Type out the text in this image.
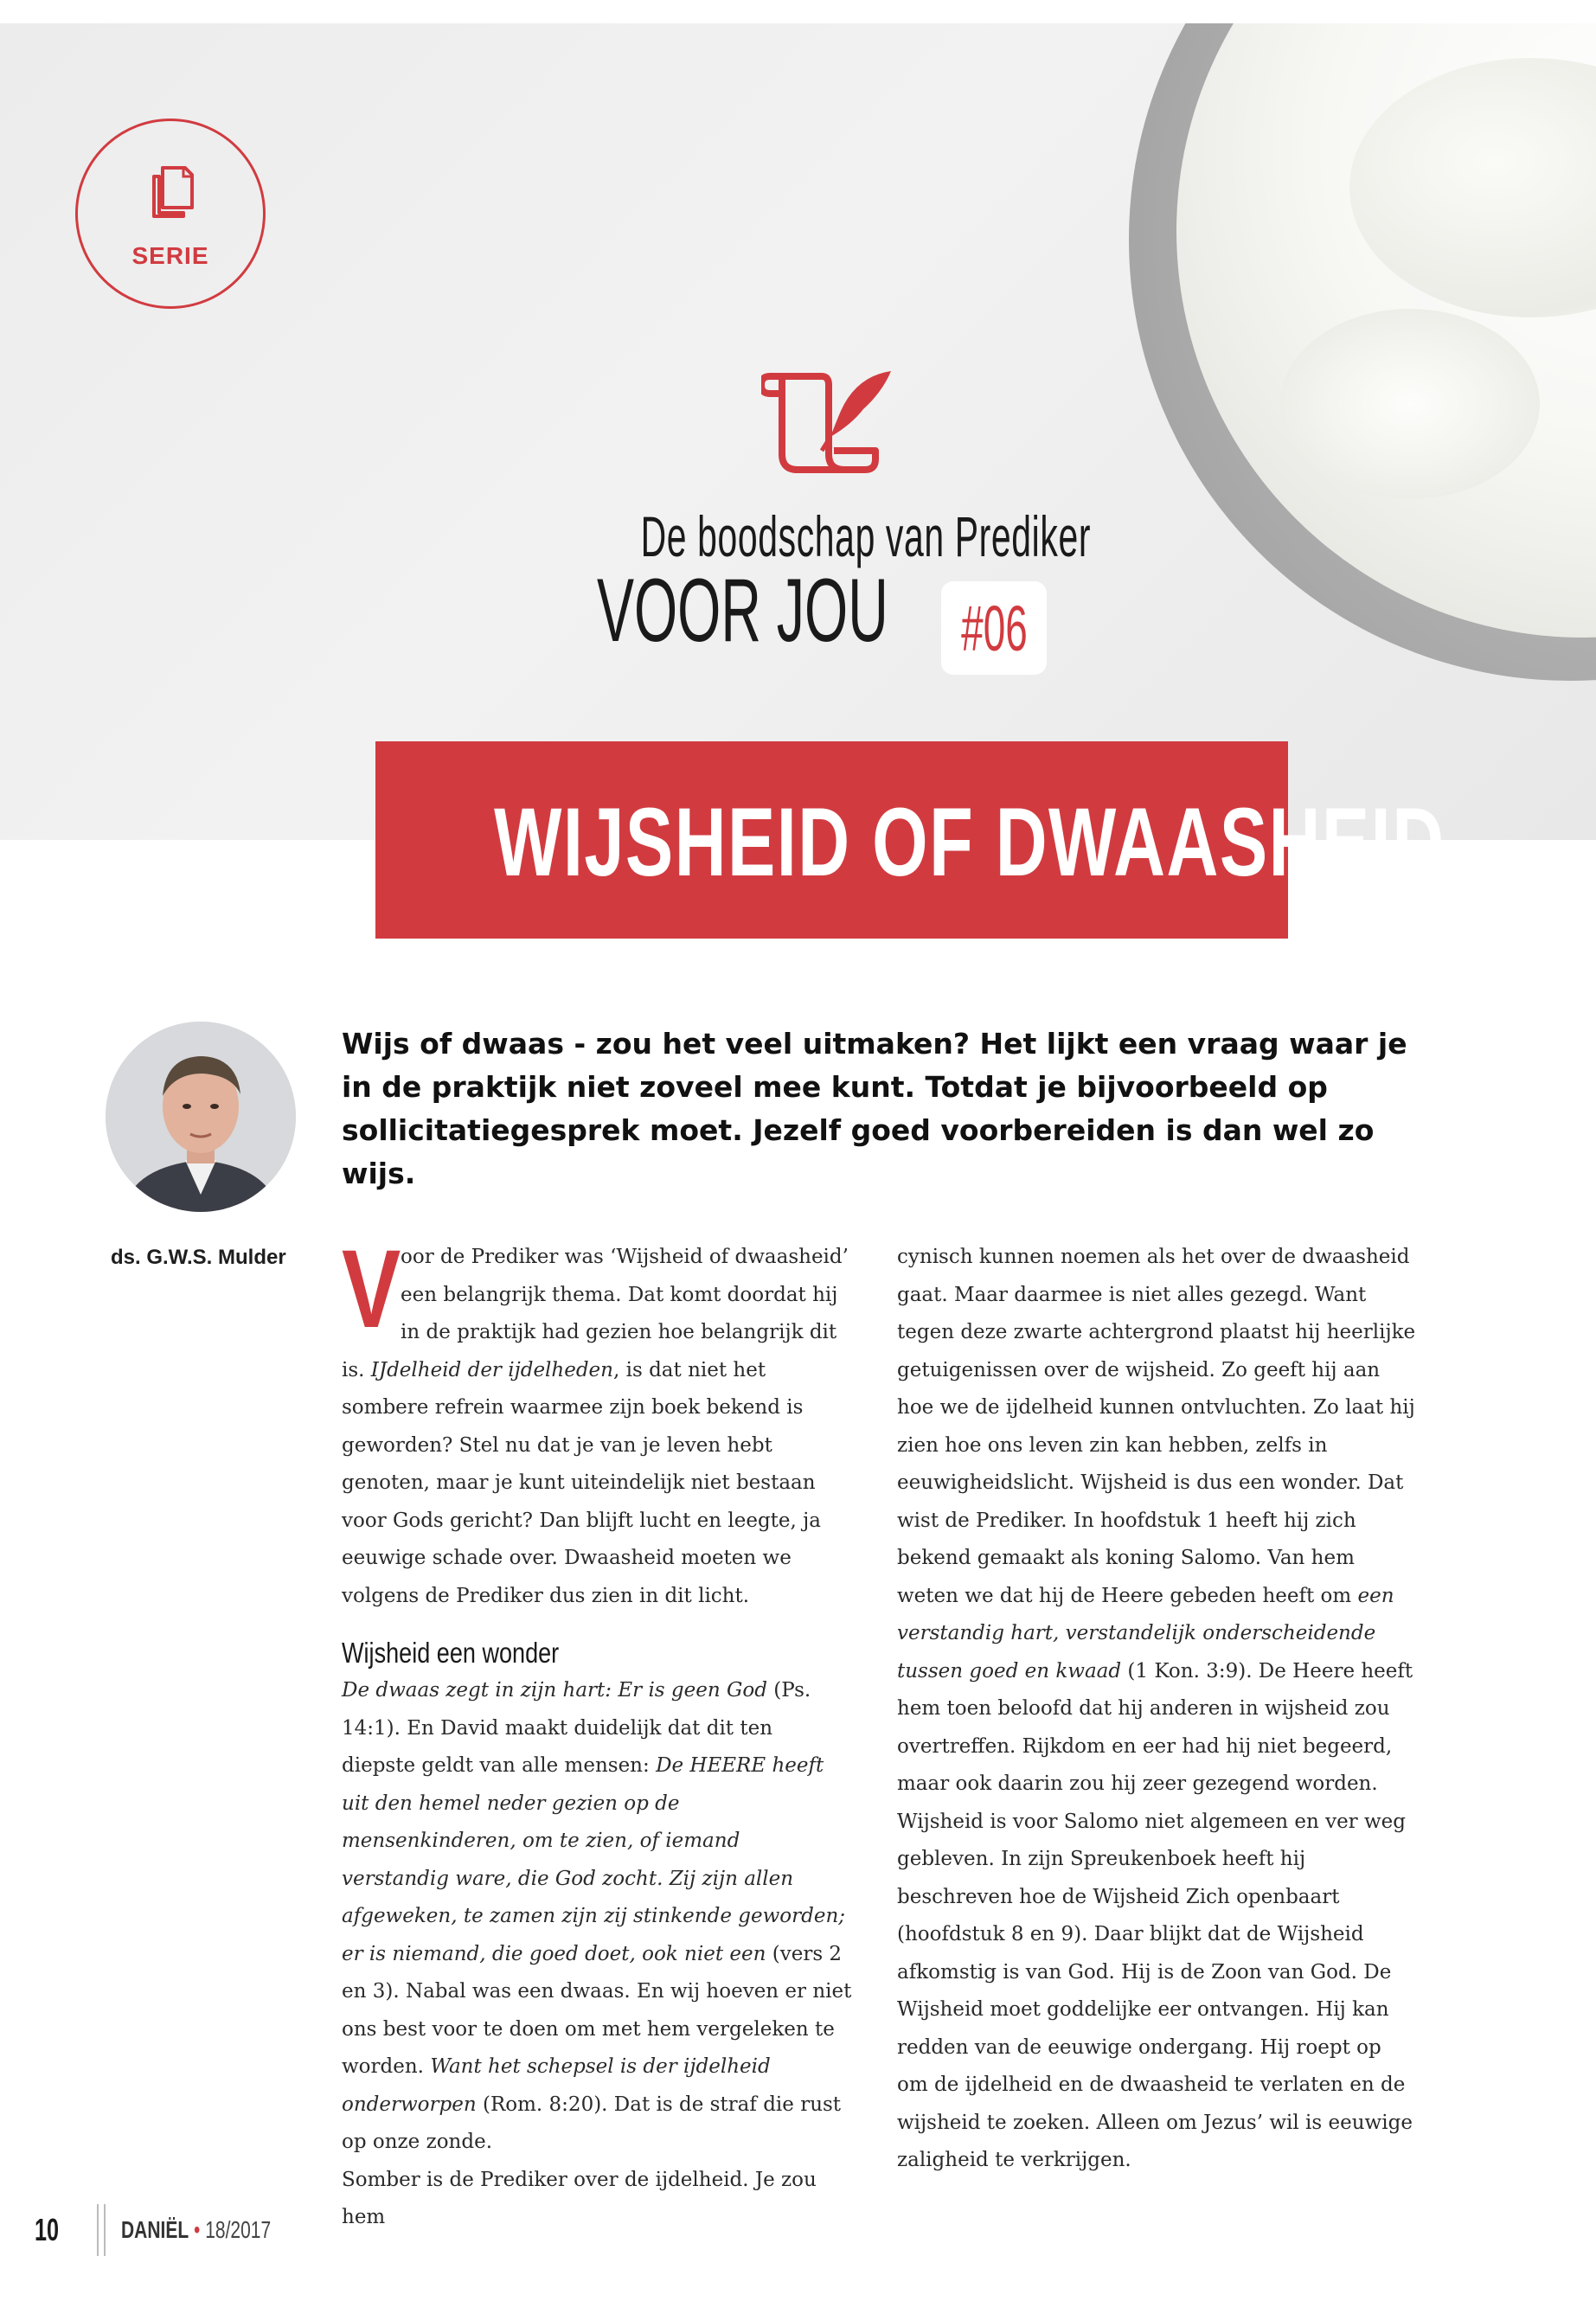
SERIE
De boodschap van Prediker
VOOR JOU #06
WIJSHEID OF DWAASHEID
ds. G.W.S. Mulder
Wijs of dwaas - zou het veel uitmaken? Het lijkt een vraag waar je in de praktijk niet zoveel mee kunt. Totdat je bijvoorbeeld op sollicitatiegesprek moet. Jezelf goed voorbereiden is dan wel zo wijs.

Voor de Prediker was ‘Wijsheid of dwaasheid’ een belangrijk thema. Dat komt doordat hij in de praktijk had gezien hoe belangrijk dit is. IJdelheid der ijdelheden, is dat niet het sombere refrein waarmee zijn boek bekend is geworden? Stel nu dat je van je leven hebt genoten, maar je kunt uiteindelijk niet bestaan voor Gods gericht? Dan blijft lucht en leegte, ja eeuwige schade over. Dwaasheid moeten we volgens de Prediker dus zien in dit licht.

Wijsheid een wonder

De dwaas zegt in zijn hart: Er is geen God (Ps. 14:1). En David maakt duidelijk dat dit ten diepste geldt van alle mensen: De HEERE heeft uit den hemel neder gezien op de mensenkinderen, om te zien, of iemand verstandig ware, die God zocht. Zij zijn allen afgeweken, te zamen zijn zij stinkende geworden; er is niemand, die goed doet, ook niet een (vers 2 en 3). Nabal was een dwaas. En wij hoeven er niet ons best voor te doen om met hem vergeleken te worden. Want het schepsel is der ijdelheid onderworpen (Rom. 8:20). Dat is de straf die rust op onze zonde.

Somber is de Prediker over de ijdelheid. Je zou hem

cynisch kunnen noemen als het over de dwaasheid gaat. Maar daarmee is niet alles gezegd. Want tegen deze zwarte achtergrond plaatst hij heerlijke getuigenissen over de wijsheid. Zo geeft hij aan hoe we de ijdelheid kunnen ontvluchten. Zo laat hij zien hoe ons leven zin kan hebben, zelfs in eeuwigheidslicht. Wijsheid is dus een wonder. Dat wist de Prediker. In hoofdstuk 1 heeft hij zich bekend gemaakt als koning Salomo. Van hem weten we dat hij de Heere gebeden heeft om een verstandig hart, verstandelijk onderscheidende tussen goed en kwaad (1 Kon. 3:9). De Heere heeft hem toen beloofd dat hij anderen in wijsheid zou overtreffen. Rijkdom en eer had hij niet begeerd, maar ook daarin zou hij zeer gezegend worden. Wijsheid is voor Salomo niet algemeen en ver weg gebleven. In zijn Spreukenboek heeft hij beschreven hoe de Wijsheid Zich openbaart (hoofdstuk 8 en 9). Daar blijkt dat de Wijsheid afkomstig is van God. Hij is de Zoon van God. De Wijsheid moet goddelijke eer ontvangen. Hij kan redden van de eeuwige ondergang. Hij roept op om de ijdelheid en de dwaasheid te verlaten en de wijsheid te zoeken. Alleen om Jezus’ wil is eeuwige zaligheid te verkrijgen.

10	DANIËL • 18/2017
